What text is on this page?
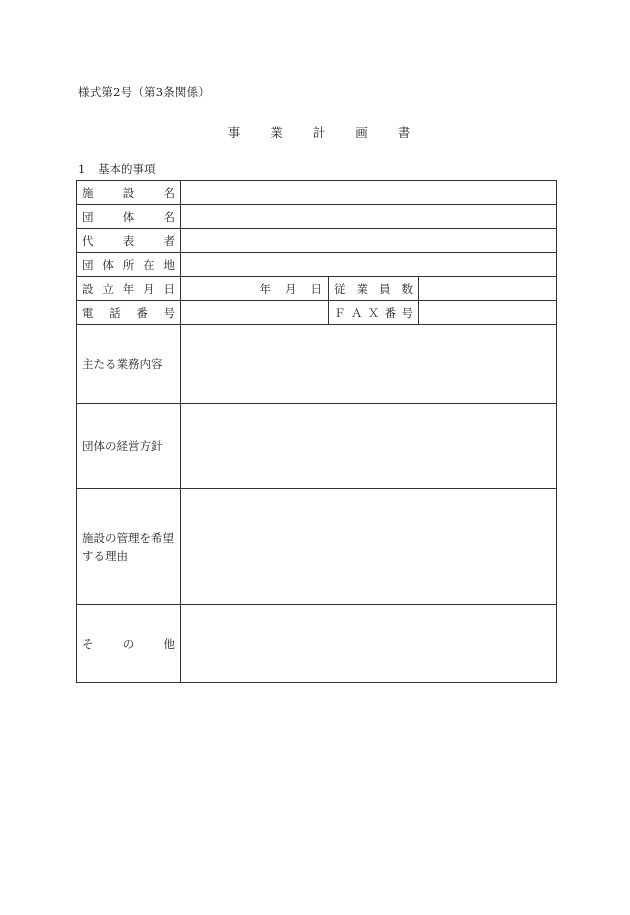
様式第2号（第3条関係）
事 業 計 画 書
1 基本的事項
施 設 名			
団 体 名			
代 表 者			
団体所在地			
設立年月日	年 月 日	従業員数	
電話番号		ＦＡＸ番号	
主たる業務内容			
団体の経営方針			
施設の管理を希望する理由			
そ の 他			
